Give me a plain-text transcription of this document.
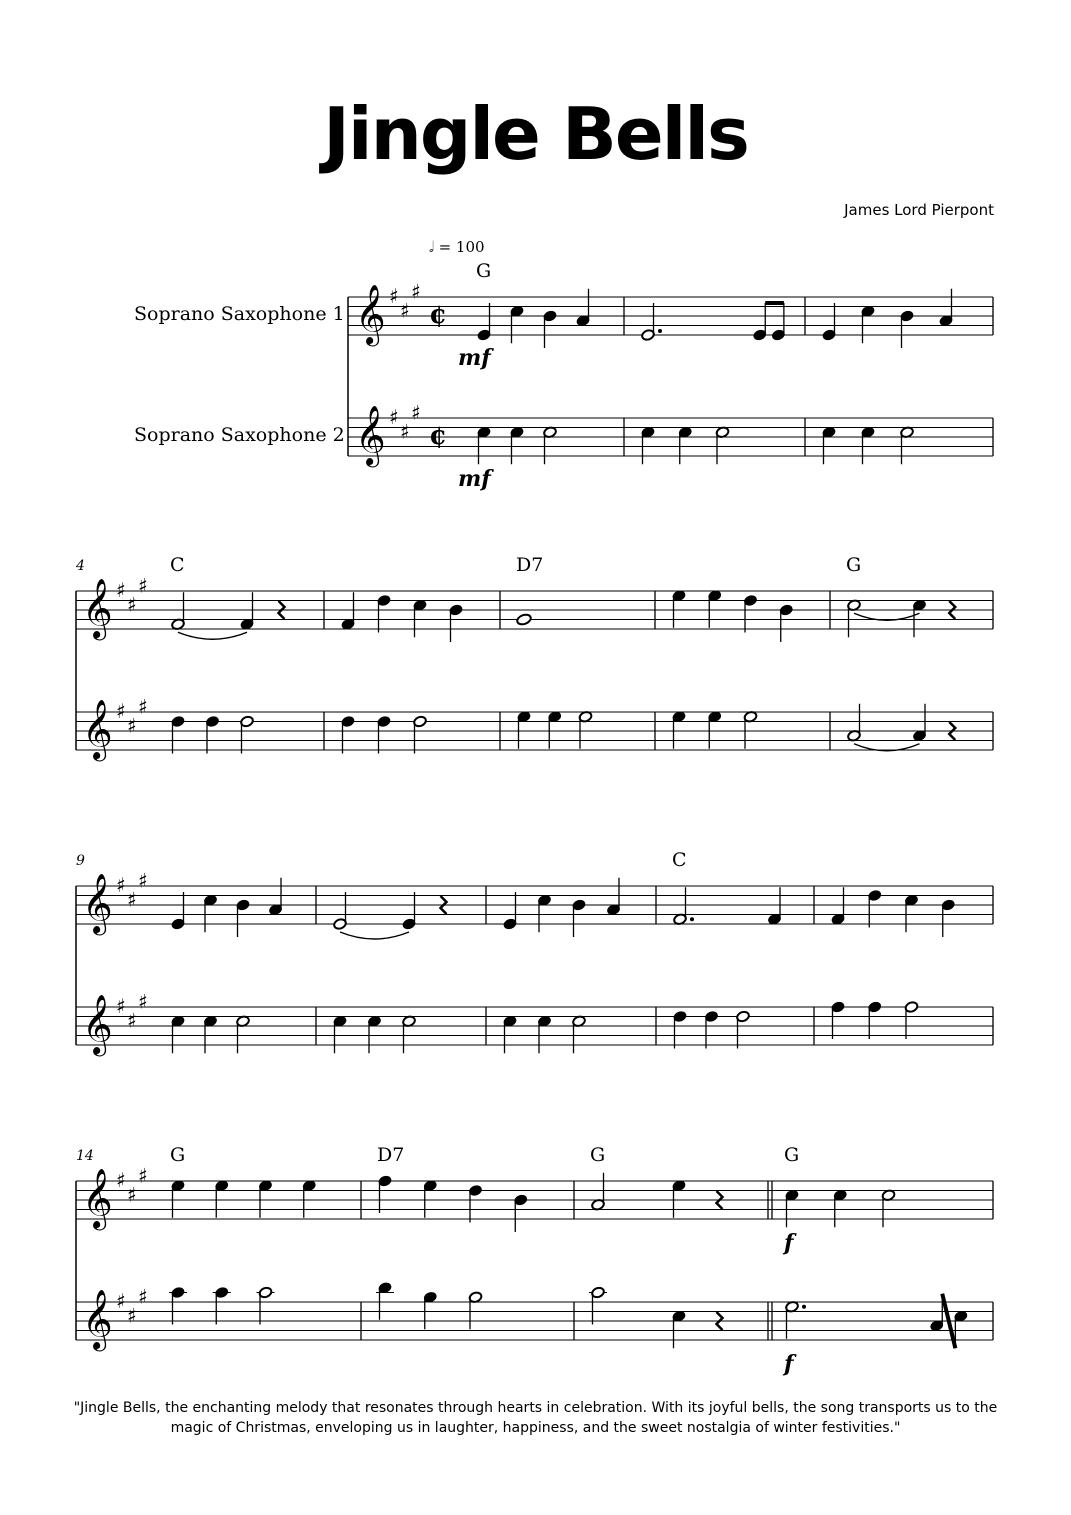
Jingle Bells
James Lord Pierpont
𝅗𝅥 = 100
Soprano Saxophone 1
Soprano Saxophone 2
"Jingle Bells, the enchanting melody that resonates through hearts in celebration. With its joyful bells, the song transports us to the
magic of Christmas, enveloping us in laughter, happiness, and the sweet nostalgia of winter festivities."
𝄞 ♯
♯
♯
¢
𝄞 ♯
♯
♯
¢
G
mf
mf
𝄞 ♯
♯
♯
𝄞 ♯
♯
♯
C	D7	G
4
𝄞 ♯
♯
♯
𝄞 ♯
♯
♯
C
9
𝄞 ♯
♯
♯
𝄞 ♯
♯
♯
G	D7	G	G
14
f
f
